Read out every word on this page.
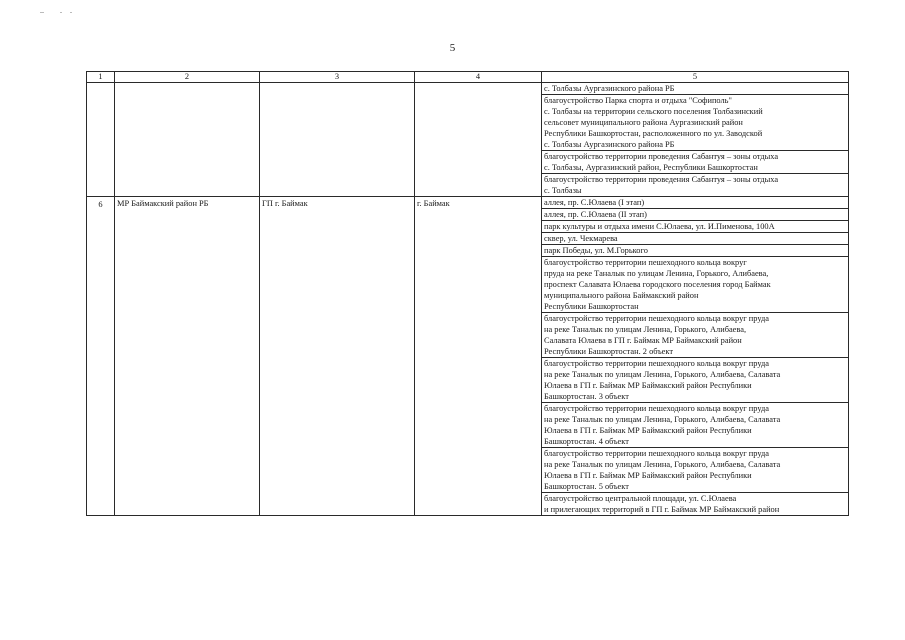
5
1	2	3	4	5

				с. Толбазы Аургазинского района РБ

				благоустройство Парка спорта и отдыха "Софиполь"
с. Толбазы на территории сельского поселения Толбазинский
сельсовет муниципального района Аургазинский район
Республики Башкортостан, расположенного по ул. Заводской
с. Толбазы Аургазинского района РБ

				благоустройство территории проведения Сабантуя – зоны отдыха
с. Толбазы, Аургазинский район, Республики Башкортостан

				благоустройство территории проведения Сабантуя – зоны отдыха
с. Толбазы

6	МР Баймакский район РБ	ГП г. Баймак	г. Баймак	аллея, пр. С.Юлаева (I этап)

				аллея, пр. С.Юлаева (II этап)

				парк культуры и отдыха имени С.Юлаева, ул. И.Пименова, 100А

				сквер, ул. Чекмарева

				парк Победы, ул. М.Горького

				благоустройство территории пешеходного кольца вокруг
пруда на реке Таналык по улицам Ленина, Горького, Алибаева,
проспект Салавата Юлаева городского поселения город Баймак
муниципального района Баймакский район
Республики Башкортостан

				благоустройство территории пешеходного кольца вокруг пруда
на реке Таналык по улицам Ленина, Горького, Алибаева,
Салавата Юлаева в ГП г. Баймак МР Баймакский район
Республики Башкортостан. 2 объект

				благоустройство территории пешеходного кольца вокруг пруда
на реке Таналык по улицам Ленина, Горького, Алибаева, Салавата
Юлаева в ГП г. Баймак МР Баймакский район Республики
Башкортостан. 3 объект

				благоустройство территории пешеходного кольца вокруг пруда
на реке Таналык по улицам Ленина, Горького, Алибаева, Салавата
Юлаева в ГП г. Баймак МР Баймакский район Республики
Башкортостан. 4 объект

				благоустройство территории пешеходного кольца вокруг пруда
на реке Таналык по улицам Ленина, Горького, Алибаева, Салавата
Юлаева в ГП г. Баймак МР Баймакский район Республики
Башкортостан. 5 объект

				благоустройство центральной площади, ул. С.Юлаева
и прилегающих территорий в ГП г. Баймак МР Баймакский район
